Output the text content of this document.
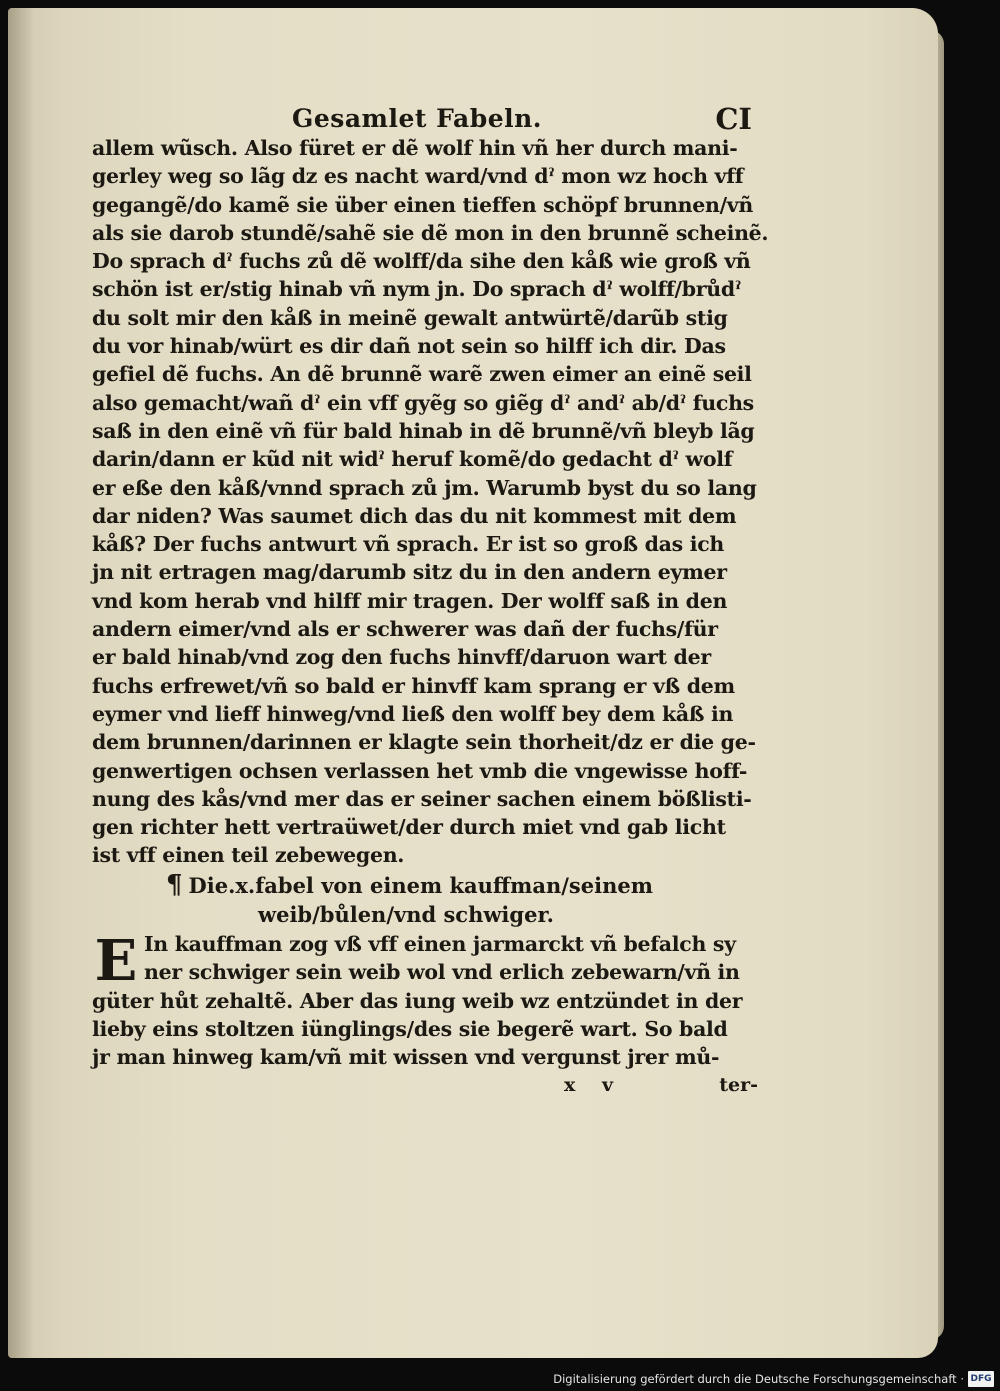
Gesamlet Fabeln.	CI
allem wũsch. Also füret er dẽ wolf hin vñ her durch mani-
gerley weg so lãg dz es nacht ward/vnd dˀ mon wz hoch vff
gegangẽ/do kamẽ sie über einen tieffen schöpf brunnen/vñ
als sie darob stundẽ/sahẽ sie dẽ mon in den brunnẽ scheinẽ.
Do sprach dˀ fuchs zů dẽ wolff/da sihe den kåß wie groß vñ
schön ist er/stig hinab vñ nym jn. Do sprach dˀ wolff/brůdˀ
du solt mir den kåß in meinẽ gewalt antwürtẽ/darũb stig
du vor hinab/würt es dir dañ not sein so hilff ich dir. Das
gefiel dẽ fuchs. An dẽ brunnẽ warẽ zwen eimer an einẽ seil
also gemacht/wañ dˀ ein vff gyẽg so giẽg dˀ andˀ ab/dˀ fuchs
saß in den einẽ vñ für bald hinab in dẽ brunnẽ/vñ bleyb lãg
darin/dann er kũd nit widˀ heruf komẽ/do gedacht dˀ wolf
er eße den kåß/vnnd sprach zů jm. Warumb byst du so lang
dar niden? Was saumet dich das du nit kommest mit dem
kåß? Der fuchs antwurt vñ sprach. Er ist so groß das ich
jn nit ertragen mag/darumb sitz du in den andern eymer
vnd kom herab vnd hilff mir tragen. Der wolff saß in den
andern eimer/vnd als er schwerer was dañ der fuchs/für
er bald hinab/vnd zog den fuchs hinvff/daruon wart der
fuchs erfrewet/vñ so bald er hinvff kam sprang er vß dem
eymer vnd lieff hinweg/vnd ließ den wolff bey dem kåß in
dem brunnen/darinnen er klagte sein thorheit/dz er die ge-
genwertigen ochsen verlassen het vmb die vngewisse hoff-
nung des kås/vnd mer das er seiner sachen einem bößlisti-
gen richter hett vertraüwet/der durch miet vnd gab licht
ist vff einen teil zebewegen.
¶ Die.x.fabel von einem kauffman/seinem
weib/bůlen/vnd schwiger.
E In kauffman zog vß vff einen jarmarckt vñ befalch sy
ner schwiger sein weib wol vnd erlich zebewarn/vñ in
güter hůt zehaltẽ. Aber das iung weib wz entzündet in der
lieby eins stoltzen iünglings/des sie begerẽ wart. So bald
jr man hinweg kam/vñ mit wissen vnd vergunst jrer mů-
x v	ter-
Digitalisierung gefördert durch die Deutsche Forschungsgemeinschaft · DFG
